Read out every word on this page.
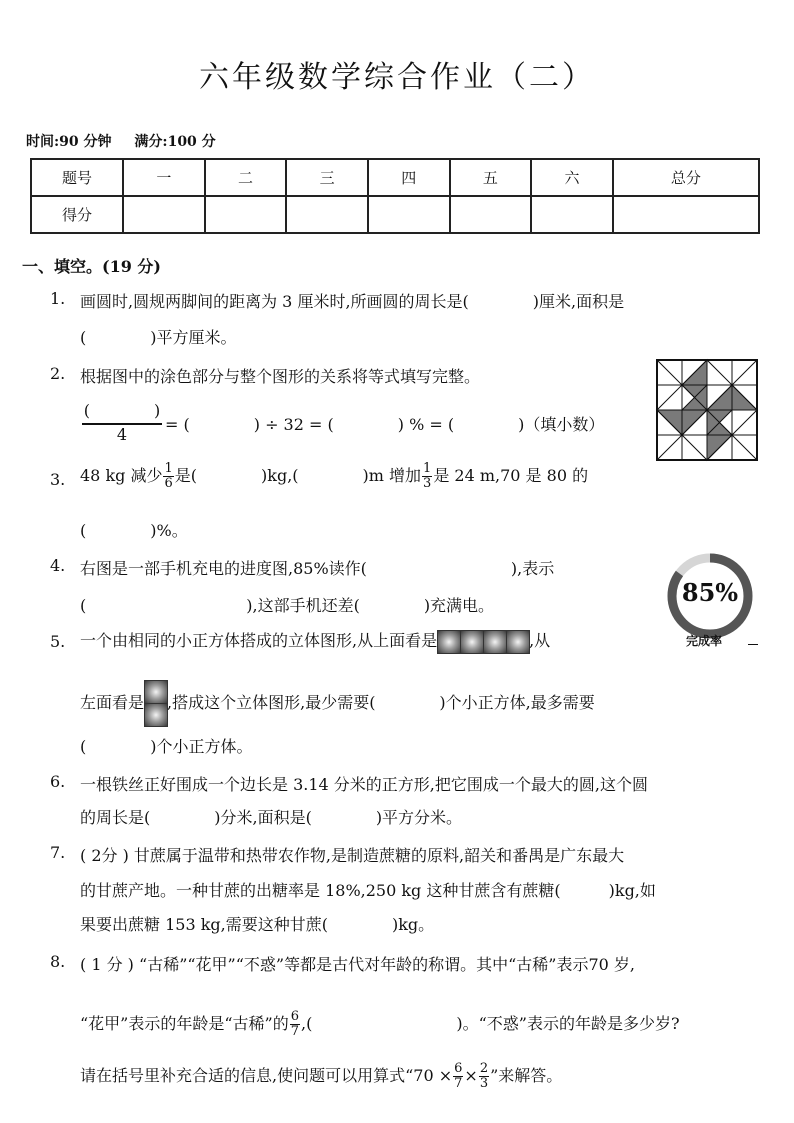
六年级数学综合作业（二）
时间:90 分钟 满分:100 分
题号	一	二	三	四	五	六	总分
得分							
一、填空。(19 分)
1. 画圆时,圆规两脚间的距离为 3 厘米时,所画圆的周长是(　　　　)厘米,面积是
(　　　　)平方厘米。
2. 根据图中的涂色部分与整个图形的关系将等式填写完整。
(　　　　)
4
= (　　　　) ÷ 32 = (　　　　) % = (　　　　)（填小数）
3. 48 kg 减少 $\frac{1}{6}$ 是(　　　　)kg,(　　　　)m 增加 $\frac{1}{3}$ 是 24 m,70 是 80 的
(　　　　)%。
4. 右图是一部手机充电的进度图,85%读作(　　　　　　　　　),表示
(　　　　　　　　　　),这部手机还差(　　　　)充满电。	85%
完成率
5. 一个由相同的小正方体搭成的立体图形,从上面看是	,从
左面看是 ,搭成这个立体图形,最少需要(　　　　)个小正方体,最多需要
(　　　　)个小正方体。
6. 一根铁丝正好围成一个边长是 3.14 分米的正方形,把它围成一个最大的圆,这个圆
的周长是(　　　　)分米,面积是(　　　　)平方分米。
7. ( 2分 ) 甘蔗属于温带和热带农作物,是制造蔗糖的原料,韶关和番禺是广东最大
的甘蔗产地。一种甘蔗的出糖率是 18%,250 kg 这种甘蔗含有蔗糖(　　　)kg,如
果要出蔗糖 153 kg,需要这种甘蔗(　　　　)kg。
8. ( 1 分 ) “古稀”“花甲”“不惑”等都是古代对年龄的称谓。其中“古稀”表示70 岁,
“花甲”表示的年龄是“古稀”的 $\frac{6}{7}$ ,(　　　　　　　　　)。“不惑”表示的年龄是多少岁?
请在括号里补充合适的信息,使问题可以用算式“$70 \times \frac{6}{7} \times \frac{2}{3}$ ”来解答。
